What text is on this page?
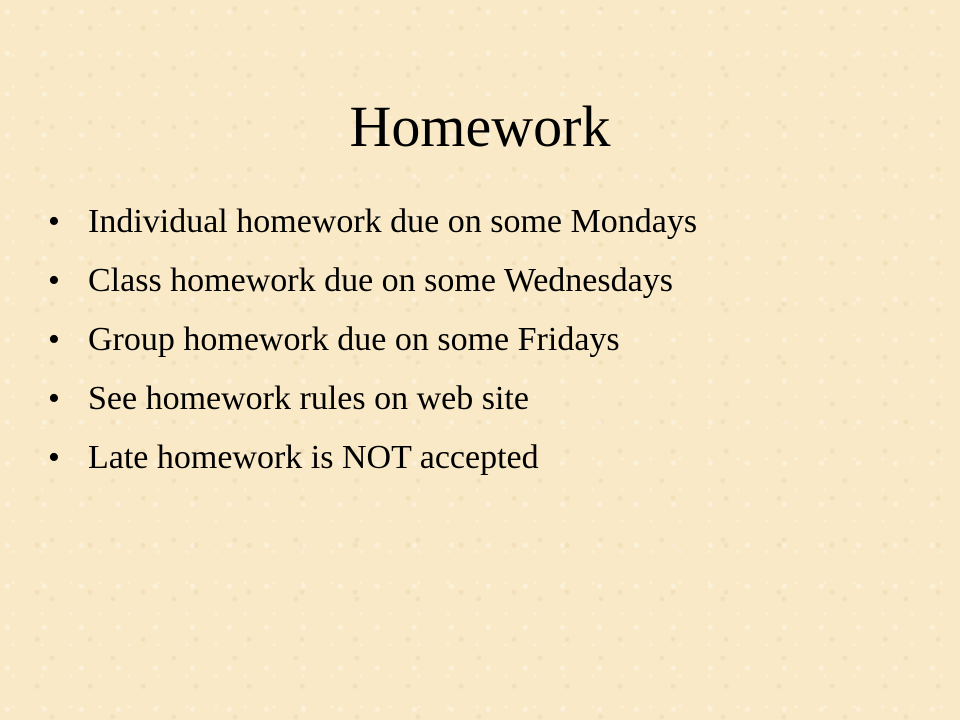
Homework
• Individual homework due on some Mondays
• Class homework due on some Wednesdays
• Group homework due on some Fridays
• See homework rules on web site
• Late homework is NOT accepted
